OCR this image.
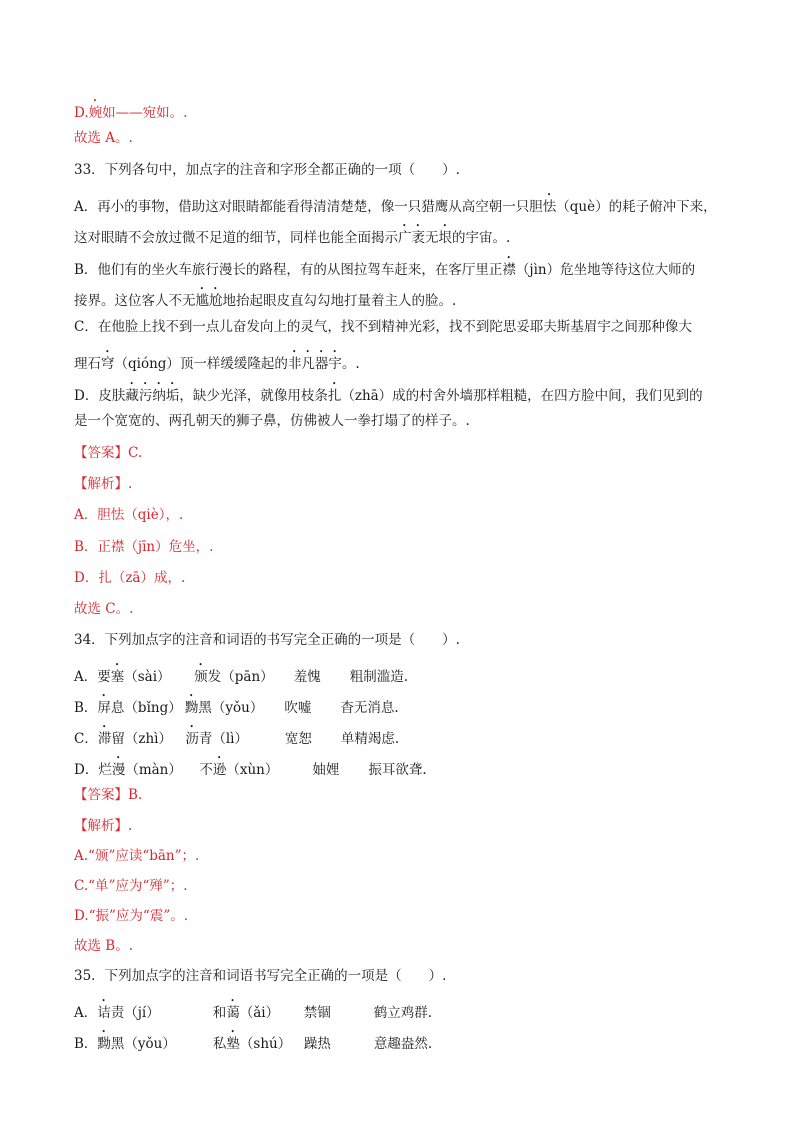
D.婉如——宛如。.
故选 A。.
33．下列各句中，加点字的注音和字形全都正确的一项（　　）.
A．再小的事物，借助这对眼睛都能看得清清楚楚，像一只猎鹰从高空朝一只胆怯（què）的耗子俯冲下来，
这对眼睛不会放过微不足道的细节，同样也能全面揭示广袤无垠的宇宙。.
B．他们有的坐火车旅行漫长的路程，有的从图拉驾车赶来，在客厅里正襟（jìn）危坐地等待这位大师的
接界。这位客人不无尴尬地抬起眼皮直勾勾地打量着主人的脸。.
C．在他脸上找不到一点儿奋发向上的灵气，找不到精神光彩，找不到陀思妥耶夫斯基眉宇之间那种像大
理石穹（qióng）顶一样缓缓隆起的非凡器宇。.
D．皮肤藏污纳垢，缺少光泽，就像用枝条扎（zhā）成的村舍外墙那样粗糙，在四方脸中间，我们见到的
是一个宽宽的、两孔朝天的狮子鼻，仿佛被人一拳打塌了的样子。.
【答案】C.
【解析】.
A．胆怯（qiè），.
B．正襟（jīn）危坐，.
D．扎（zā）成，.
故选 C。.
34．下列加点字的注音和词语的书写完全正确的一项是（　　）.
A．要塞（sài） 颁发（pān） 羞愧 粗制滥造.
B．屏息（bǐng） 黝黑（yǒu） 吹嘘 杳无消息.
C．滞留（zhì） 沥青（lì）	宽恕 单精竭虑.
D．烂漫（màn） 不逊（xùn）	妯娌 振耳欲聋.
【答案】B.
【解析】.
A.“颁”应读“bān”；.
C.“单”应为“殚”；.
D.“振”应为“震”。.
故选 B。.
35．下列加点字的注音和词语书写完全正确的一项是（　　）.
A．诘责（jí）	和蔼（ǎi） 禁锢	鹤立鸡群.
B．黝黑（yǒu）	私塾（shú） 躁热	意趣盎然.
